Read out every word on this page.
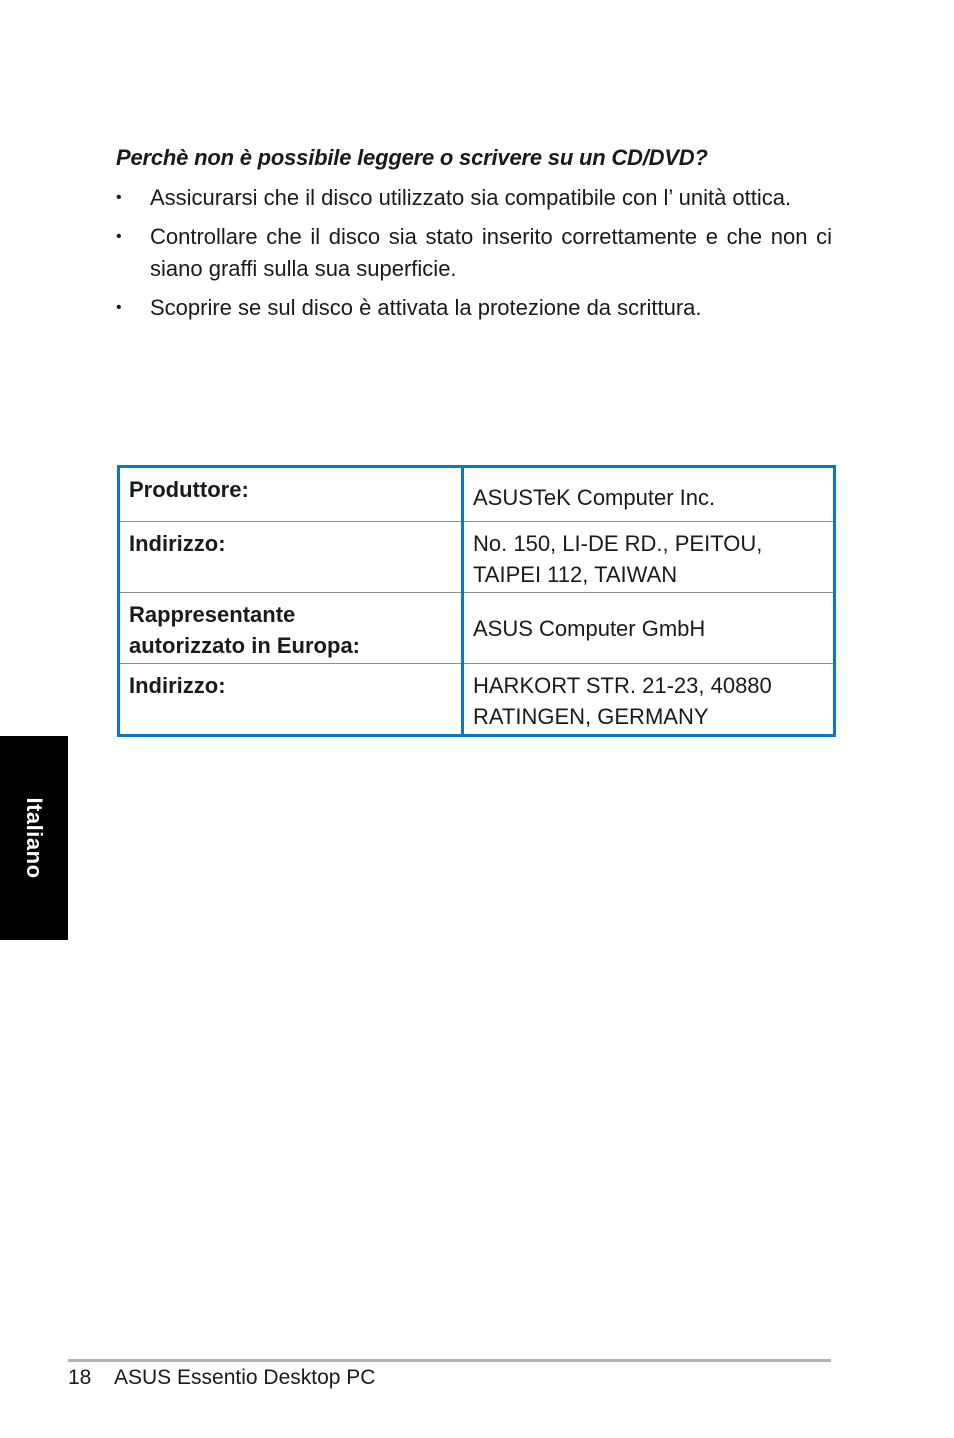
Perchè non è possibile leggere o scrivere su un CD/DVD?
• Assicurarsi che il disco utilizzato sia compatibile con l’ unità ottica.
• Controllare che il disco sia stato inserito correttamente e che non ci siano graffi sulla sua superficie.
• Scoprire se sul disco è attivata la protezione da scrittura.
Produttore:	ASUSTeK Computer Inc.
Indirizzo:	No. 150, LI-DE RD., PEITOU,
TAIPEI 112, TAIWAN
Rappresentante
autorizzato in Europa:	ASUS Computer GmbH
Indirizzo:	HARKORT STR. 21-23, 40880
RATINGEN, GERMANY
Italiano
18 ASUS Essentio Desktop PC
